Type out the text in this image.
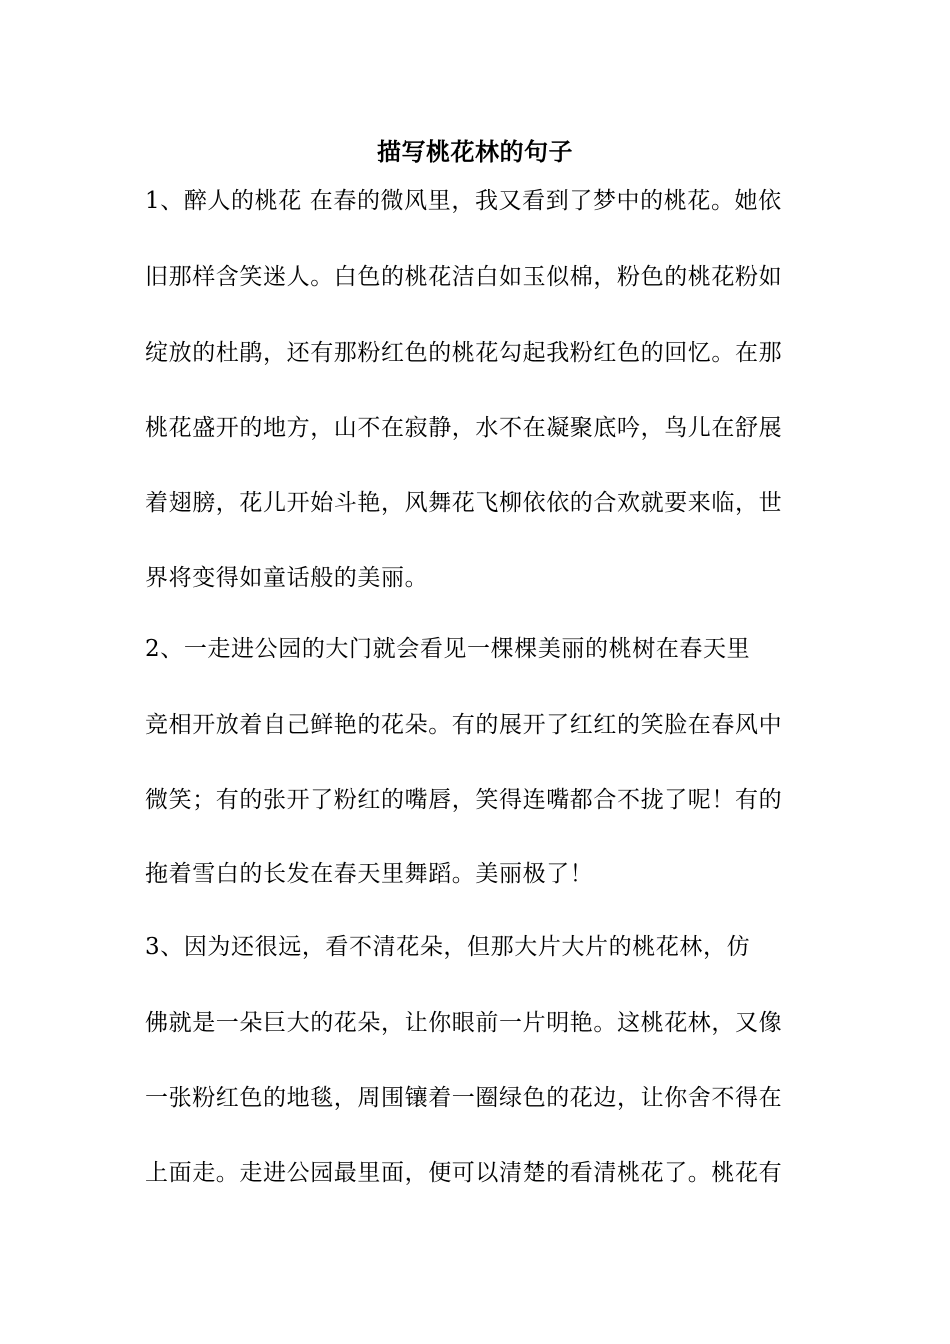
描写桃花林的句子
1、醉人的桃花 在春的微风里，我又看到了梦中的桃花。她依
旧那样含笑迷人。白色的桃花洁白如玉似棉，粉色的桃花粉如
绽放的杜鹃，还有那粉红色的桃花勾起我粉红色的回忆。在那
桃花盛开的地方，山不在寂静，水不在凝聚底吟，鸟儿在舒展
着翅膀，花儿开始斗艳，风舞花飞柳依依的合欢就要来临，世
界将变得如童话般的美丽。
2、一走进公园的大门就会看见一棵棵美丽的桃树在春天里
竞相开放着自己鲜艳的花朵。有的展开了红红的笑脸在春风中
微笑；有的张开了粉红的嘴唇，笑得连嘴都合不拢了呢！有的
拖着雪白的长发在春天里舞蹈。美丽极了！
3、因为还很远，看不清花朵，但那大片大片的桃花林，仿
佛就是一朵巨大的花朵，让你眼前一片明艳。这桃花林，又像
一张粉红色的地毯，周围镶着一圈绿色的花边，让你舍不得在
上面走。走进公园最里面，便可以清楚的看清桃花了。桃花有
